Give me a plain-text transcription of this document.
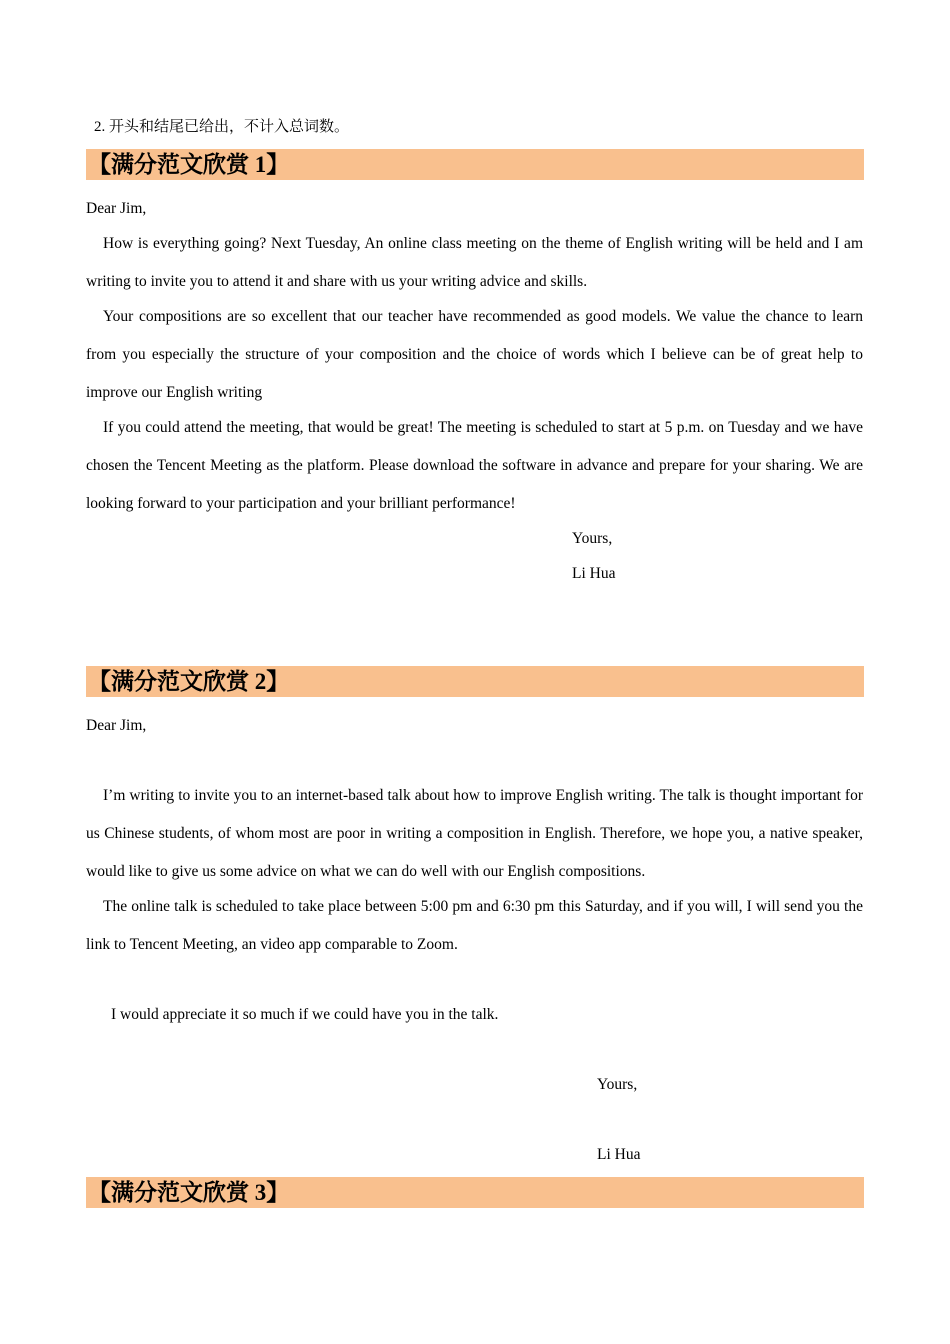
2. 开头和结尾已给出，不计入总词数。

【满分范文欣赏 1】

Dear Jim,

How is everything going? Next Tuesday, An online class meeting on the theme of English writing will be held and I am writing to invite you to attend it and share with us your writing advice and skills.

Your compositions are so excellent that our teacher have recommended as good models. We value the chance to learn from you especially the structure of your composition and the choice of words which I believe can be of great help to improve our English writing

If you could attend the meeting, that would be great! The meeting is scheduled to start at 5 p.m. on Tuesday and we have chosen the Tencent Meeting as the platform. Please download the software in advance and prepare for your sharing. We are looking forward to your participation and your brilliant performance!

Yours,

Li Hua

【满分范文欣赏 2】

Dear Jim,

I’m writing to invite you to an internet-based talk about how to improve English writing. The talk is thought important for us Chinese students, of whom most are poor in writing a composition in English. Therefore, we hope you, a native speaker, would like to give us some advice on what we can do well with our English compositions.

The online talk is scheduled to take place between 5:00 pm and 6:30 pm this Saturday, and if you will, I will send you the link to Tencent Meeting, an video app comparable to Zoom.

I would appreciate it so much if we could have you in the talk.

Yours,

Li Hua

【满分范文欣赏 3】
